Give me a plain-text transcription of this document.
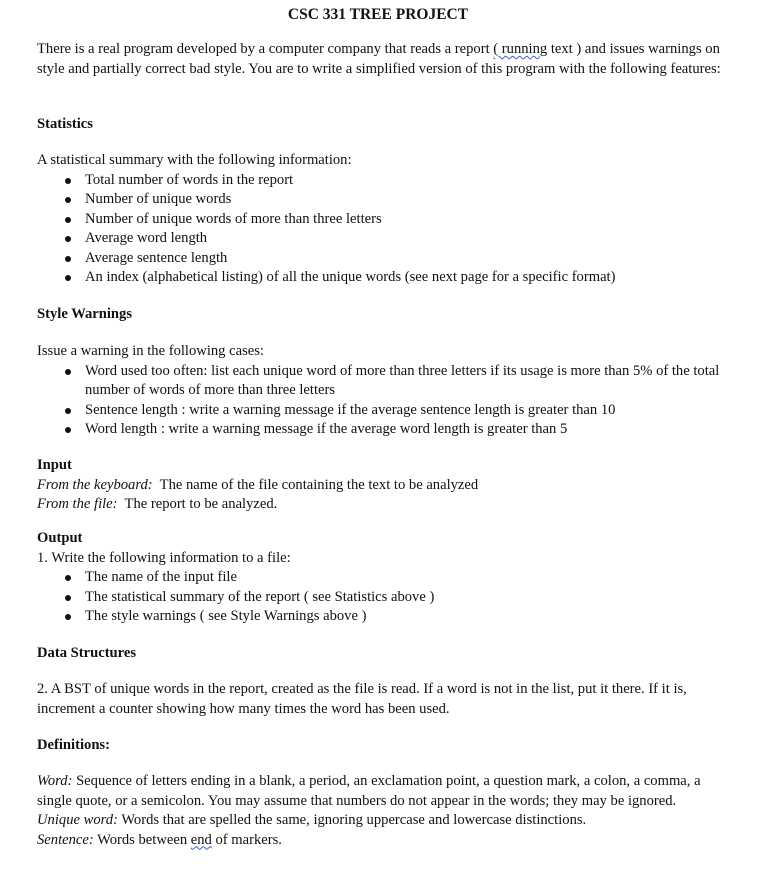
CSC 331 TREE PROJECT

There is a real program developed by a computer company that reads a report ( running text ) and issues warnings on style and partially correct bad style. You are to write a simplified version of this program with the following features:

Statistics

A statistical summary with the following information:

Total number of words in the report
Number of unique words
Number of unique words of more than three letters
Average word length
Average sentence length
An index (alphabetical listing) of all the unique words (see next page for a specific format)
Style Warnings

Issue a warning in the following cases:

Word used too often: list each unique word of more than three letters if its usage is more than 5% of the total number of words of more than three letters
Sentence length : write a warning message if the average sentence length is greater than 10
Word length : write a warning message if the average word length is greater than 5

Input

From the keyboard:  The name of the file containing the text to be analyzed

From the file:  The report to be analyzed.

Output

1. Write the following information to a file:

The name of the input file
The statistical summary of the report ( see Statistics above )
The style warnings ( see Style Warnings above )
Data Structures
2. A BST of unique words in the report, created as the file is read. If a word is not in the list, put it there. If it is, increment a counter showing how many times the word has been used.
Definitions:

Word: Sequence of letters ending in a blank, a period, an exclamation point, a question mark, a colon, a comma, a single quote, or a semicolon. You may assume that numbers do not appear in the words; they may be ignored.

Unique word: Words that are spelled the same, ignoring uppercase and lowercase distinctions.

Sentence: Words between end of markers.
